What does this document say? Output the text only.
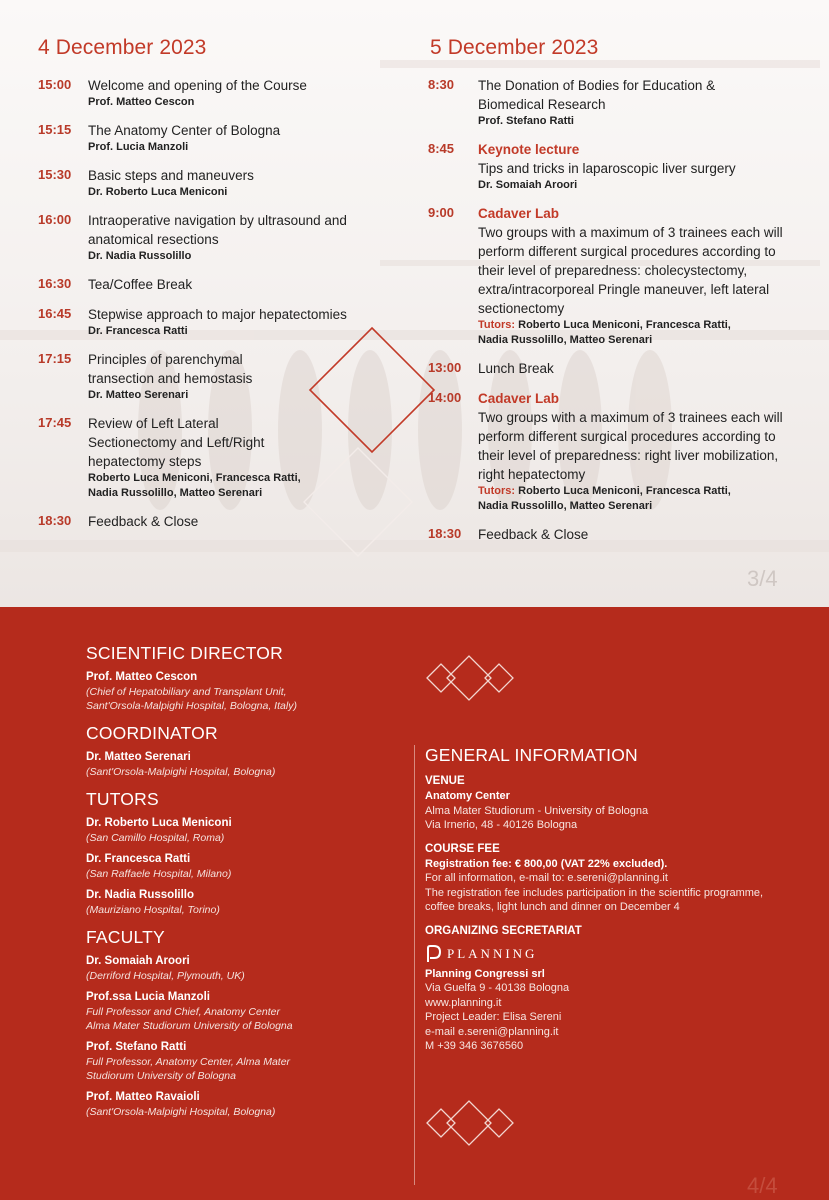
4 December 2023	5 December 2023
15:00 Welcome and opening of the Course
Prof. Matteo Cescon
15:15 The Anatomy Center of Bologna
Prof. Lucia Manzoli
15:30 Basic steps and maneuvers
Dr. Roberto Luca Meniconi
16:00 Intraoperative navigation by ultrasound and anatomical resections
Dr. Nadia Russolillo
16:30 Tea/Coffee Break
16:45 Stepwise approach to major hepatectomies
Dr. Francesca Ratti
17:15 Principles of parenchymal transection and hemostasis
Dr. Matteo Serenari
17:45 Review of Left Lateral Sectionectomy and Left/Right hepatectomy steps
Roberto Luca Meniconi, Francesca Ratti, Nadia Russolillo, Matteo Serenari
18:30 Feedback & Close
8:30 The Donation of Bodies for Education & Biomedical Research
Prof. Stefano Ratti
8:45 Keynote lecture
Tips and tricks in laparoscopic liver surgery
Dr. Somaiah Aroori
9:00 Cadaver Lab
Two groups with a maximum of 3 trainees each will perform different surgical procedures according to their level of preparedness: cholecystectomy, extra/intracorporeal Pringle maneuver, left lateral sectionectomy
Tutors: Roberto Luca Meniconi, Francesca Ratti, Nadia Russolillo, Matteo Serenari
13:00 Lunch Break
14:00 Cadaver Lab
Two groups with a maximum of 3 trainees each will perform different surgical procedures according to their level of preparedness: right liver mobilization, right hepatectomy
Tutors: Roberto Luca Meniconi, Francesca Ratti, Nadia Russolillo, Matteo Serenari
18:30 Feedback & Close
3/4
SCIENTIFIC DIRECTOR
Prof. Matteo Cescon
(Chief of Hepatobiliary and Transplant Unit, Sant'Orsola-Malpighi Hospital, Bologna, Italy)
COORDINATOR
Dr. Matteo Serenari
(Sant'Orsola-Malpighi Hospital, Bologna)
TUTORS
Dr. Roberto Luca Meniconi
(San Camillo Hospital, Roma)
Dr. Francesca Ratti
(San Raffaele Hospital, Milano)
Dr. Nadia Russolillo
(Mauriziano Hospital, Torino)
FACULTY
Dr. Somaiah Aroori
(Derriford Hospital, Plymouth, UK)
Prof.ssa Lucia Manzoli
Full Professor and Chief, Anatomy Center Alma Mater Studiorum University of Bologna
Prof. Stefano Ratti
Full Professor, Anatomy Center, Alma Mater Studiorum University of Bologna
Prof. Matteo Ravaioli
(Sant'Orsola-Malpighi Hospital, Bologna)
GENERAL INFORMATION
VENUE
Anatomy Center
Alma Mater Studiorum - University of Bologna
Via Irnerio, 48 - 40126 Bologna
COURSE FEE
Registration fee: € 800,00 (VAT 22% excluded).
For all information, e-mail to: e.sereni@planning.it
The registration fee includes participation in the scientific programme, coffee breaks, light lunch and dinner on December 4
ORGANIZING SECRETARIAT
PLANNING
Planning Congressi srl
Via Guelfa 9 - 40138 Bologna
www.planning.it
Project Leader: Elisa Sereni
e-mail e.sereni@planning.it
M +39 346 3676560
4/4
